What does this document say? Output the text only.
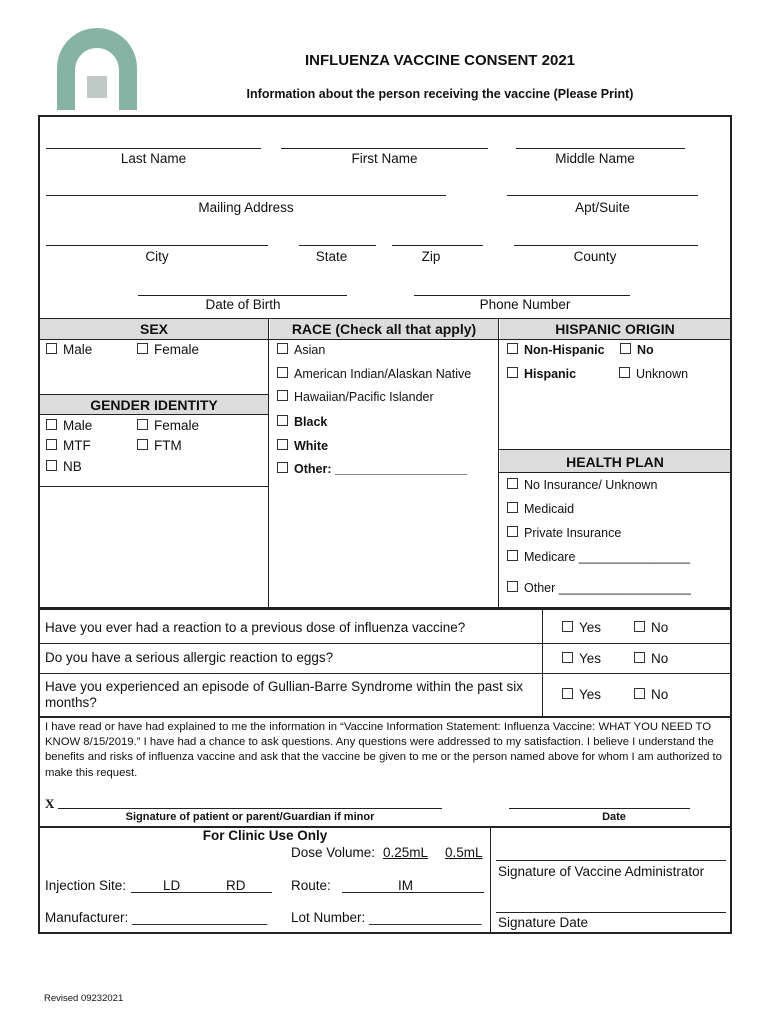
INFLUENZA VACCINE CONSENT 2021
Information about the person receiving the vaccine (Please Print)
Last Name	First Name	Middle Name
Mailing Address	Apt/Suite
City	State	Zip	County
Date of Birth	Phone Number
SEX
Male	Female
GENDER IDENTITY
Male	Female
MTF	FTM
NB
RACE (Check all that apply)
Asian
American Indian/Alaskan Native
Hawaiian/Pacific Islander
Black
White
Other: ___________________
HISPANIC ORIGIN
Non-Hispanic	No
Hispanic	Unknown
HEALTH PLAN
No Insurance/ Unknown
Medicaid
Private Insurance
Medicare ________________
Other ___________________
Have you ever had a reaction to a previous dose of influenza vaccine?	Yes	No
Do you have a serious allergic reaction to eggs?	Yes	No
Have you experienced an episode of Gullian-Barre Syndrome within the past six months?
Yes	No
I have read or have had explained to me the information in “Vaccine Information Statement: Influenza Vaccine: WHAT YOU NEED TO KNOW 8/15/2019.” I have had a chance to ask questions. Any questions were addressed to my satisfaction. I believe I understand the benefits and risks of influenza vaccine and ask that the vaccine be given to me or the person named above for whom I am authorized to make this request.
X
Signature of patient or parent/Guardian if minor	Date
For Clinic Use Only
Dose Volume: 0.25mL 0.5mL
Injection Site:	LD	RD	Route:	IM
Manufacturer: __________________ Lot Number: _______________
Signature of Vaccine Administrator
Signature Date
Revised 09232021
